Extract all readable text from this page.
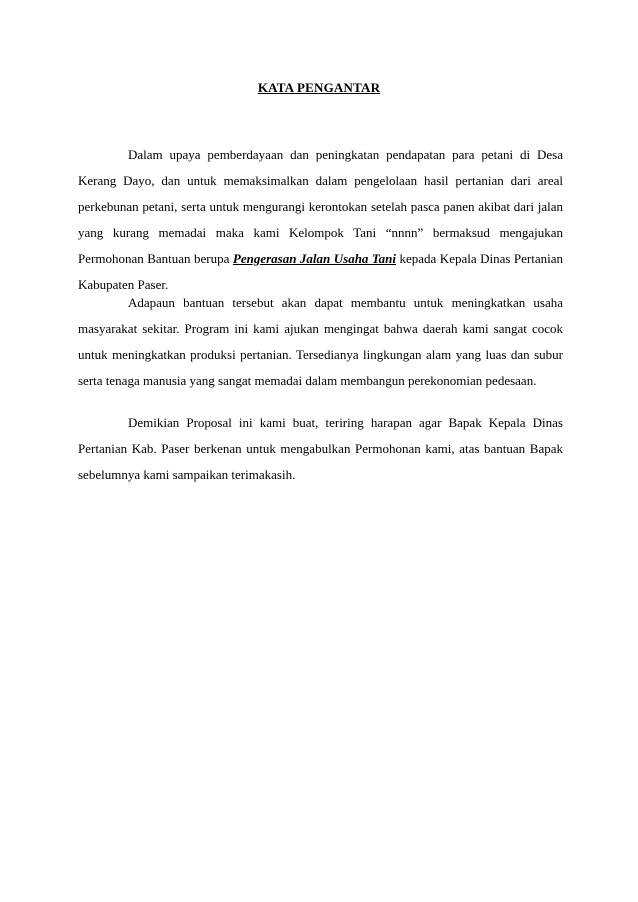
KATA PENGANTAR

Dalam upaya pemberdayaan dan peningkatan pendapatan para petani di Desa Kerang Dayo, dan untuk memaksimalkan dalam pengelolaan hasil pertanian dari areal perkebunan petani, serta untuk mengurangi kerontokan setelah pasca panen akibat dari jalan yang kurang memadai maka kami Kelompok Tani “nnnn” bermaksud mengajukan Permohonan Bantuan berupa Pengerasan Jalan Usaha Tani kepada Kepala Dinas Pertanian Kabupaten Paser.

Adapaun bantuan tersebut akan dapat membantu untuk meningkatkan usaha masyarakat sekitar. Program ini kami ajukan mengingat bahwa daerah kami sangat cocok untuk meningkatkan produksi pertanian. Tersedianya lingkungan alam yang luas dan subur serta tenaga manusia yang sangat memadai dalam membangun perekonomian pedesaan.

Demikian Proposal ini kami buat, teriring harapan agar Bapak Kepala Dinas Pertanian Kab. Paser berkenan untuk mengabulkan Permohonan kami, atas bantuan Bapak sebelumnya kami sampaikan terimakasih.
